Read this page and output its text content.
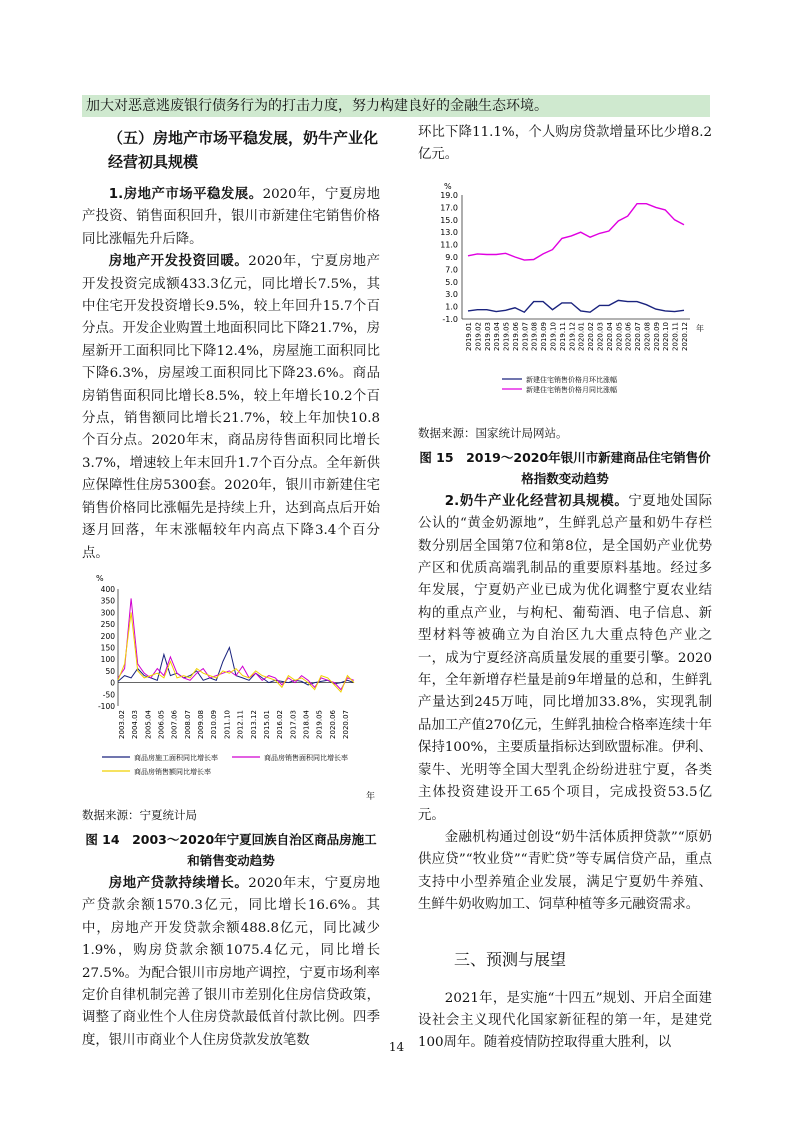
加大对恶意逃废银行债务行为的打击力度，努力构建良好的金融生态环境。

（五）房地产市场平稳发展，奶牛产业化经营初具规模

1.房地产市场平稳发展。2020年，宁夏房地产投资、销售面积回升，银川市新建住宅销售价格同比涨幅先升后降。

房地产开发投资回暖。2020年，宁夏房地产开发投资完成额433.3亿元，同比增长7.5%，其中住宅开发投资增长9.5%，较上年回升15.7个百分点。开发企业购置土地面积同比下降21.7%，房屋新开工面积同比下降12.4%，房屋施工面积同比下降6.3%，房屋竣工面积同比下降23.6%。商品房销售面积同比增长8.5%，较上年增长10.2个百分点，销售额同比增长21.7%，较上年加快10.8个百分点。2020年末，商品房待售面积同比增长3.7%，增速较上年末回升1.7个百分点。全年新供应保障性住房5300套。2020年，银川市新建住宅销售价格同比涨幅先是持续上升，达到高点后开始逐月回落，年末涨幅较年内高点下降3.4个百分点。

%
400
350
300
250
200
150
100
50
0
-50
-100
2003.02 2004.03 2005.04 2006.05 2007.06 2008.07 2009.08 2010.09 2011.10 2012.11 2013.12 2015.01 2016.02 2017.03 2018.04 2019.05 2020.06 2020.07
商品房施工面积同比增长率	商品房销售面积同比增长率
商品房销售额同比增长率
年

数据来源：宁夏统计局

图 14　2003～2020年宁夏回族自治区商品房施工和销售变动趋势

房地产贷款持续增长。2020年末，宁夏房地产贷款余额1570.3亿元，同比增长16.6%。其中，房地产开发贷款余额488.8亿元，同比减少1.9%，购房贷款余额1075.4亿元，同比增长27.5%。为配合银川市房地产调控，宁夏市场利率定价自律机制完善了银川市差别化住房信贷政策，调整了商业性个人住房贷款最低首付款比例。四季度，银川市商业个人住房贷款发放笔数

环比下降11.1%，个人购房贷款增量环比少增8.2亿元。

%
19.0
17.0
15.0
13.0
11.0
9.0
7.0
5.0
3.0
1.0
-1.0
2019.01 2019.02 2019.03 2019.04 2019.05 2019.06 2019.07 2019.08 2019.09 2019.10 2019.11 2019.12 2020.01 2020.02 2020.03 2020.04 2020.05 2020.06 2020.07 2020.08 2020.09 2020.10 2020.11 2020.12 年
新建住宅销售价格月环比涨幅
新建住宅销售价格月同比涨幅

数据来源：国家统计局网站。

图 15　2019～2020年银川市新建商品住宅销售价格指数变动趋势

2.奶牛产业化经营初具规模。宁夏地处国际公认的“黄金奶源地”，生鲜乳总产量和奶牛存栏数分别居全国第7位和第8位，是全国奶产业优势产区和优质高端乳制品的重要原料基地。经过多年发展，宁夏奶产业已成为优化调整宁夏农业结构的重点产业，与枸杞、葡萄酒、电子信息、新型材料等被确立为自治区九大重点特色产业之一，成为宁夏经济高质量发展的重要引擎。2020年，全年新增存栏量是前9年增量的总和，生鲜乳产量达到245万吨，同比增加33.8%，实现乳制品加工产值270亿元，生鲜乳抽检合格率连续十年保持100%，主要质量指标达到欧盟标准。伊利、蒙牛、光明等全国大型乳企纷纷进驻宁夏，各类主体投资建设开工65个项目，完成投资53.5亿元。

金融机构通过创设“奶牛活体质押贷款”“原奶供应贷”“牧业贷”“青贮贷”等专属信贷产品，重点支持中小型养殖企业发展，满足宁夏奶牛养殖、生鲜牛奶收购加工、饲草种植等多元融资需求。

三、预测与展望

2021年，是实施“十四五”规划、开启全面建设社会主义现代化国家新征程的第一年，是建党100周年。随着疫情防控取得重大胜利，以

14
